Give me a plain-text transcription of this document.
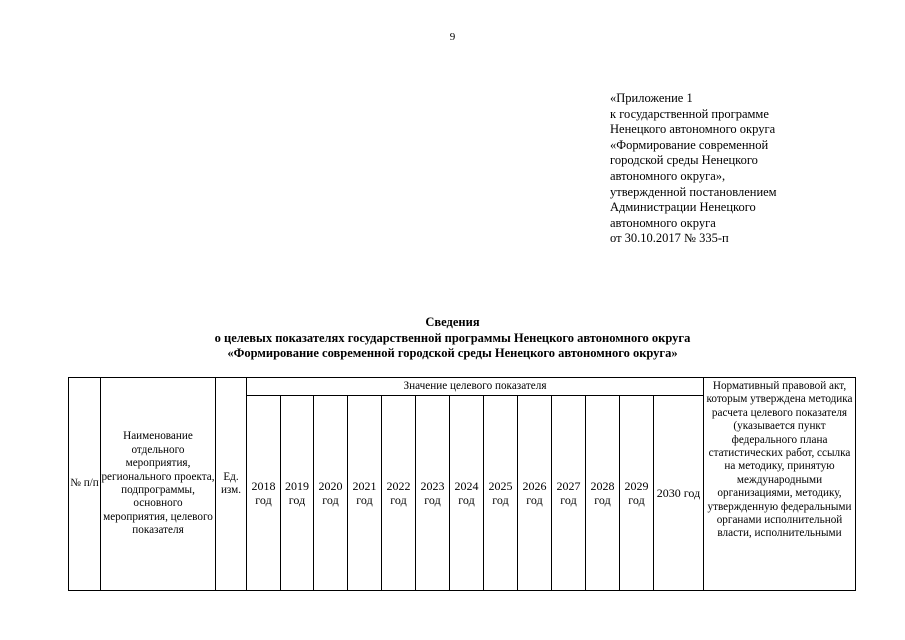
9
«Приложение 1
к государственной программе
Ненецкого автономного округа
«Формирование современной
городской среды Ненецкого
автономного округа»,
утвержденной постановлением
Администрации Ненецкого
автономного округа
от 30.10.2017 № 335-п
Сведения
о целевых показателях государственной программы Ненецкого автономного округа
«Формирование современной городской среды Ненецкого автономного округа»
№ п/п	Наименование отдельного мероприятия, регионального проекта, подпрограммы, основного мероприятия, целевого показателя	Ед. изм.	Значение целевого показателя													Нормативный правовой акт, которым утверждена методика расчета целевого показателя (указывается пункт федерального плана статистических работ, ссылка на методику, принятую международными организациями, методику, утвержденную федеральными органами исполнительной власти, исполнительными

			2018 год	2019 год	2020 год	2021 год	2022 год	2023 год	2024 год	2025 год	2026 год	2027 год	2028 год	2029 год	2030 год	
